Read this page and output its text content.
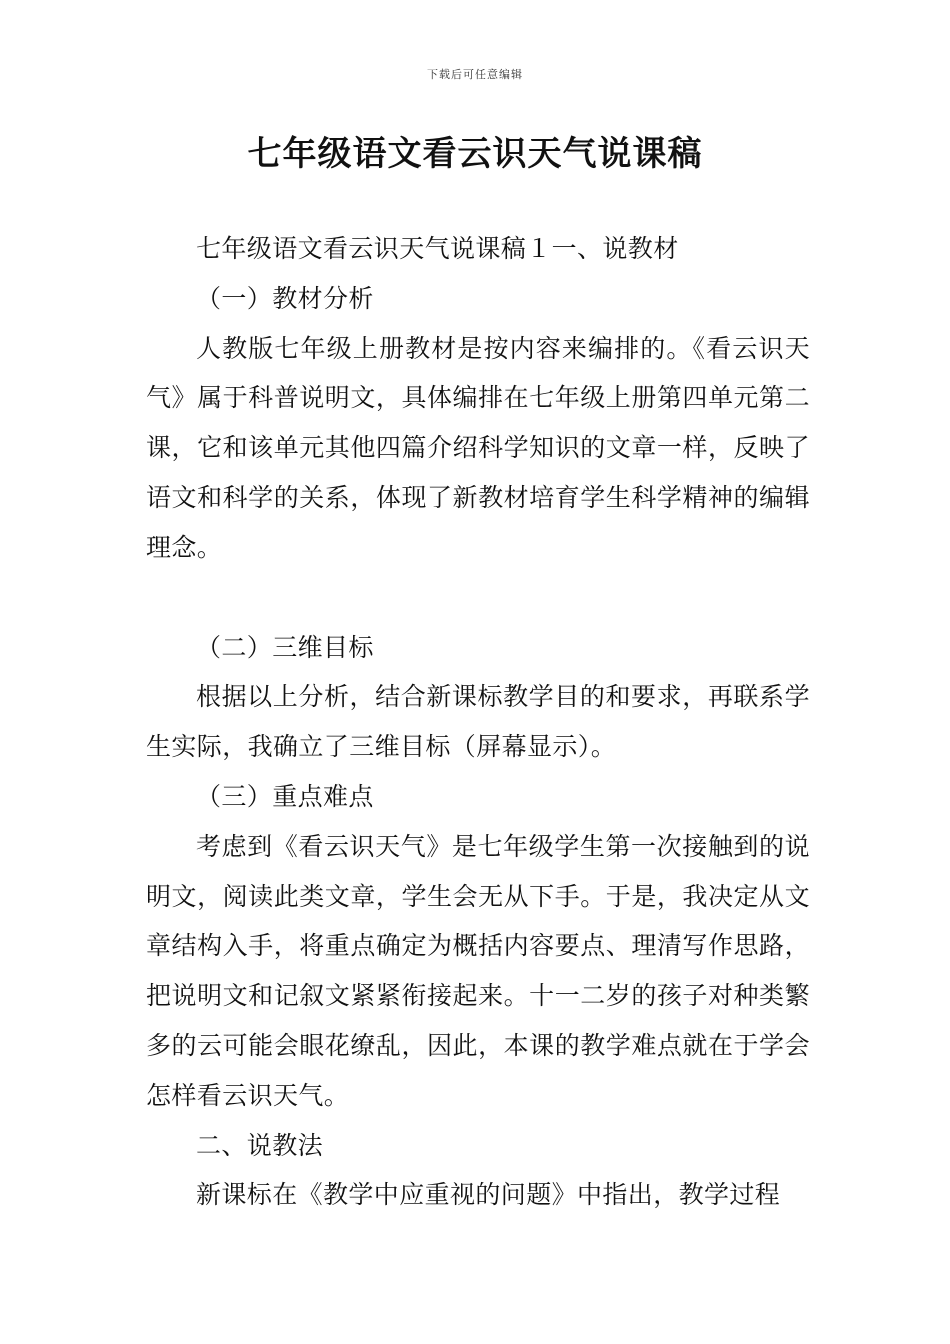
下载后可任意编辑
七年级语文看云识天气说课稿

七年级语文看云识天气说课稿１一、说教材

（一）教材分析

人教版七年级上册教材是按内容来编排的。《看云识天气》属于科普说明文，具体编排在七年级上册第四单元第二课，它和该单元其他四篇介绍科学知识的文章一样，反映了语文和科学的关系，体现了新教材培育学生科学精神的编辑理念。

（二）三维目标

根据以上分析，结合新课标教学目的和要求，再联系学生实际，我确立了三维目标（屏幕显示）。

（三）重点难点

考虑到《看云识天气》是七年级学生第一次接触到的说明文，阅读此类文章，学生会无从下手。于是，我决定从文章结构入手，将重点确定为概括内容要点、理清写作思路，把说明文和记叙文紧紧衔接起来。十一二岁的孩子对种类繁多的云可能会眼花缭乱，因此，本课的教学难点就在于学会怎样看云识天气。

二、说教法

新课标在《教学中应重视的问题》中指出，教学过程
